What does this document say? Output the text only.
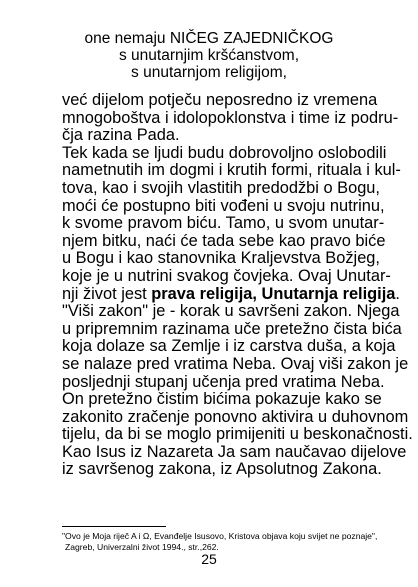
one nemaju NIČEG ZAJEDNIČKOG
s unutarnjim kršćanstvom,
s unutarnjom religijom,
već dijelom potječu neposredno iz vremena
mnogoboštva i idolopoklonstva i time iz podru-
čja razina Pada.
Tek kada se ljudi budu dobrovoljno oslobodili
nametnutih im dogmi i krutih formi, rituala i kul-
tova, kao i svojih vlastitih predodžbi o Bogu,
moći će postupno biti vođeni u svoju nutrinu,
k svome pravom biću. Tamo, u svom unutar-
njem bitku, naći će tada sebe kao pravo biće
u Bogu i kao stanovnika Kraljevstva Božjeg,
koje je u nutrini svakog čovjeka. Ovaj Unutar-
nji život jest prava religija, Unutarnja religija.
"Viši zakon" je - korak u savršeni zakon. Njega
u pripremnim razinama uče pretežno čista bića
koja dolaze sa Zemlje i iz carstva duša, a koja
se nalaze pred vratima Neba. Ovaj viši zakon je
posljednji stupanj učenja pred vratima Neba.
On pretežno čistim bićima pokazuje kako se
zakonito zračenje ponovno aktivira u duhovnom
tijelu, da bi se moglo primijeniti u beskonačnosti.
Kao Isus iz Nazareta Ja sam naučavao dijelove
iz savršenog zakona, iz Apsolutnog Zakona.
"Ovo je Moja riječ A i Ω, Evanđelje Isusovo, Kristova objava koju svijet ne poznaje",
Zagreb, Univerzalni život 1994., str.,262.
25
